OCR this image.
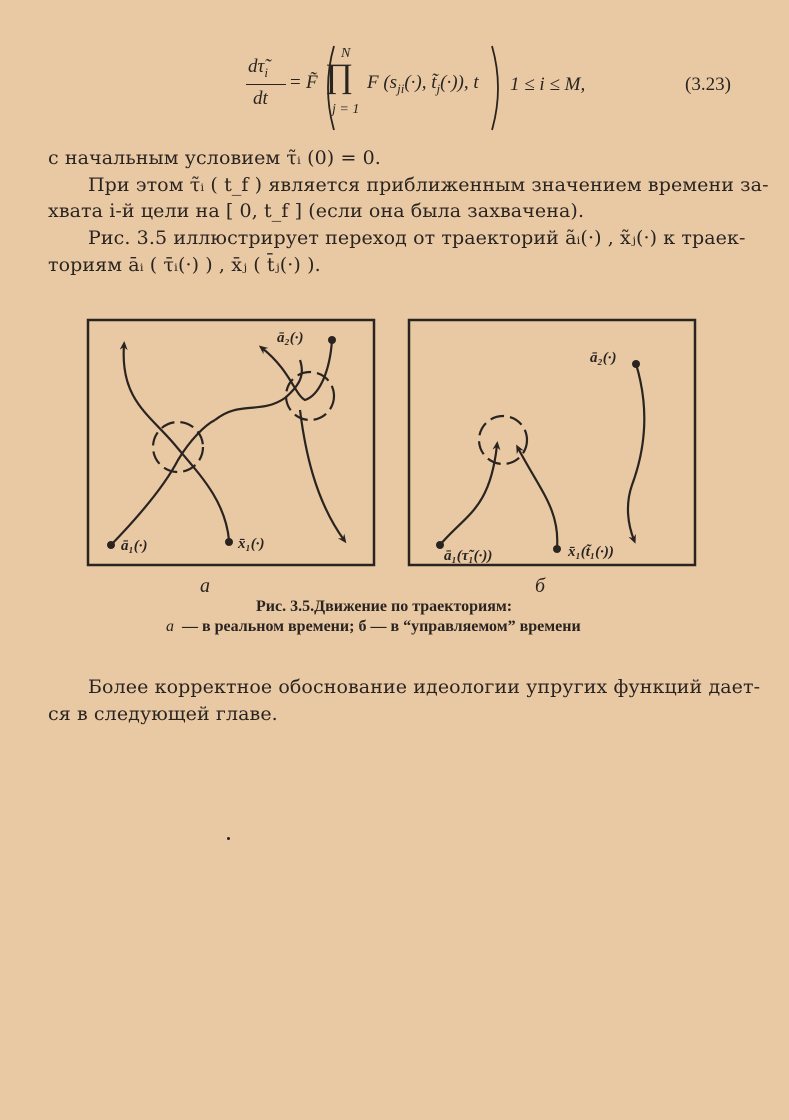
$d\taũ_i$
dt
= F̃
N
∏
j = 1
F ($s_{ji}(\cdot)$, $t̃_j(\cdot)$), t 1 ≤ i ≤ M,	(3.23)
с начальным условием τ̃ᵢ (0) = 0.
При этом τ̃ᵢ ( t_f ) является приближенным значением времени за-
хвата i-й цели на [ 0, t_f ] (если она была захвачена).
Рис. 3.5 иллюстрирует переход от траекторий ãᵢ(·) , x̃ⱼ(·) к траек-
ториям āᵢ ( τ̄ᵢ(·) ) , x̄ⱼ ( t̄ⱼ(·) ).
ā₂(·)
ā₁(·)	x̄₁(·)
а
ā₂(·)
ā₁(τ̃₁(·))	x̄₁(t̃₁(·))
б
Рис. 3.5.Движение по траекториям:
а — в реальном времени; б — в “управляемом” времени
Более корректное обоснование идеологии упругих функций дает-
ся в следующей главе.
